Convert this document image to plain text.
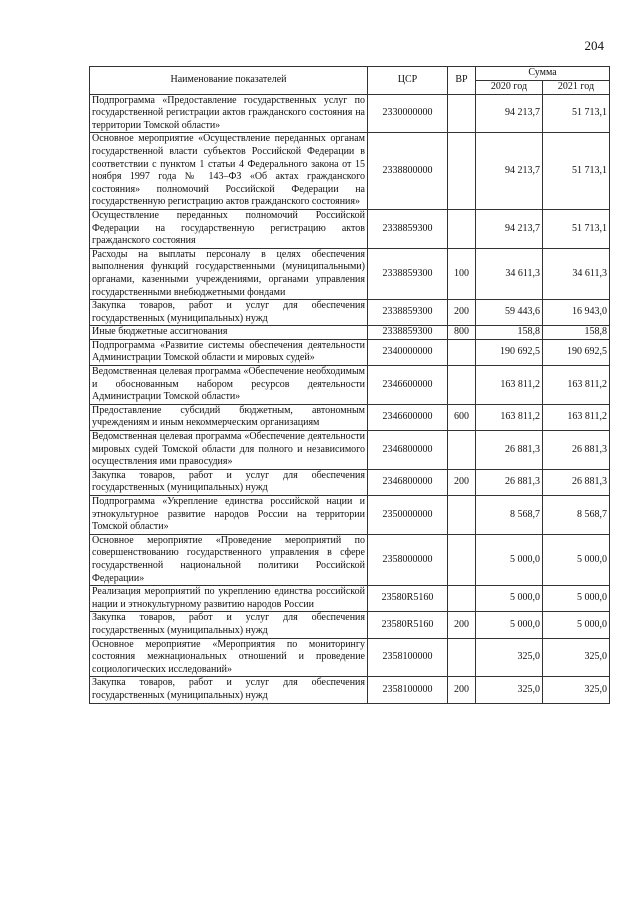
204
Наименование показателей	ЦСР	ВР	Сумма	
			2020 год	2021 год
Подпрограмма «Предоставление государственных услуг по государственной регистрации актов гражданского состояния на территории Томской области»	2330000000		94 213,7	51 713,1
Основное мероприятие «Осуществление переданных органам государственной власти субъектов Российской Федерации в соответствии с пунктом 1 статьи 4 Федерального закона от 15 ноября 1997 года № 143–ФЗ «Об актах гражданского состояния» полномочий Российской Федерации на государственную регистрацию актов гражданского состояния»	2338800000		94 213,7	51 713,1
Осуществление переданных полномочий Российской Федерации на государственную регистрацию актов гражданского состояния	2338859300		94 213,7	51 713,1
Расходы на выплаты персоналу в целях обеспечения выполнения функций государственными (муниципальными) органами, казенными учреждениями, органами управления государственными внебюджетными фондами	2338859300	100	34 611,3	34 611,3
Закупка товаров, работ и услуг для обеспечения государственных (муниципальных) нужд	2338859300	200	59 443,6	16 943,0
Иные бюджетные ассигнования	2338859300	800	158,8	158,8
Подпрограмма «Развитие системы обеспечения деятельности Администрации Томской области и мировых судей»	2340000000		190 692,5	190 692,5
Ведомственная целевая программа «Обеспечение необходимым и обоснованным набором ресурсов деятельности Администрации Томской области»	2346600000		163 811,2	163 811,2
Предоставление субсидий бюджетным, автономным учреждениям и иным некоммерческим организациям	2346600000	600	163 811,2	163 811,2
Ведомственная целевая программа «Обеспечение деятельности мировых судей Томской области для полного и независимого осуществления ими правосудия»	2346800000		26 881,3	26 881,3
Закупка товаров, работ и услуг для обеспечения государственных (муниципальных) нужд	2346800000	200	26 881,3	26 881,3
Подпрограмма «Укрепление единства российской нации и этнокультурное развитие народов России на территории Томской области»	2350000000		8 568,7	8 568,7
Основное мероприятие «Проведение мероприятий по совершенствованию государственного управления в сфере государственной национальной политики Российской Федерации»	2358000000		5 000,0	5 000,0
Реализация мероприятий по укреплению единства российской нации и этнокультурному развитию народов России	23580R5160		5 000,0	5 000,0
Закупка товаров, работ и услуг для обеспечения государственных (муниципальных) нужд	23580R5160	200	5 000,0	5 000,0
Основное мероприятие «Мероприятия по мониторингу состояния межнациональных отношений и проведение социологических исследований»	2358100000		325,0	325,0
Закупка товаров, работ и услуг для обеспечения государственных (муниципальных) нужд	2358100000	200	325,0	325,0
